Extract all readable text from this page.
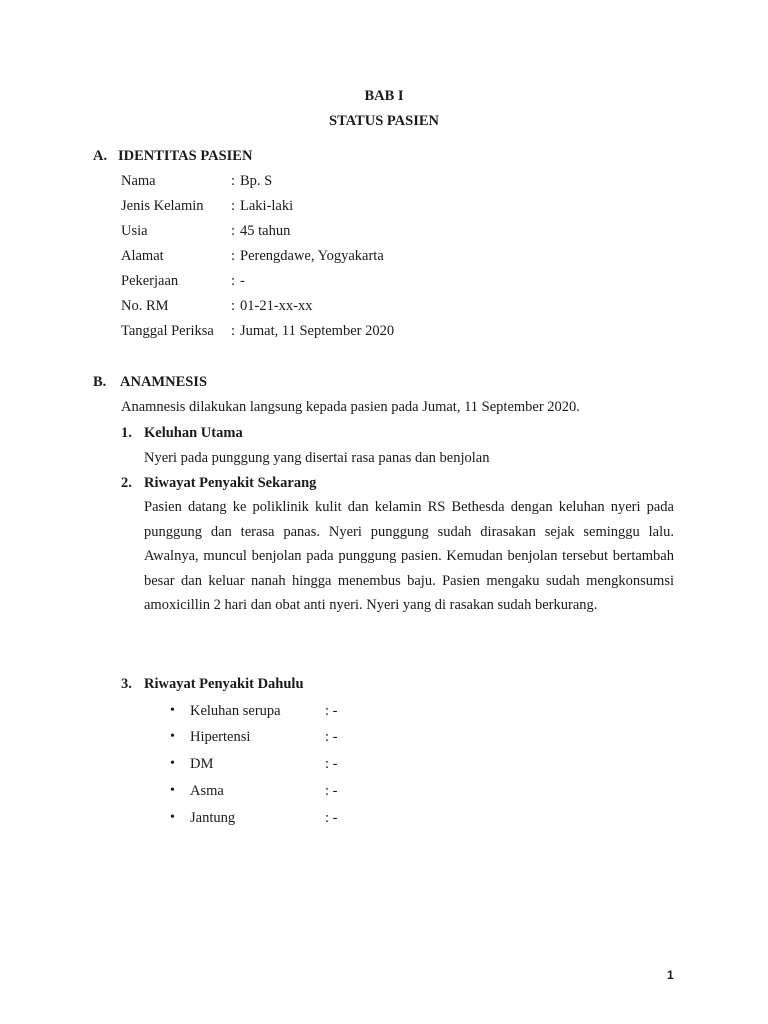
BAB I
STATUS PASIEN
A. IDENTITAS PASIEN
Nama	: Bp. S
Jenis Kelamin : Laki-laki
Usia	: 45 tahun
Alamat	: Perengdawe, Yogyakarta
Pekerjaan	: -
No. RM	: 01-21-xx-xx
Tanggal Periksa : Jumat, 11 September 2020
B. ANAMNESIS
Anamnesis dilakukan langsung kepada pasien pada Jumat, 11 September 2020.
1. Keluhan Utama
Nyeri pada punggung yang disertai rasa panas dan benjolan
2. Riwayat Penyakit Sekarang
Pasien datang ke poliklinik kulit dan kelamin RS Bethesda dengan keluhan nyeri pada punggung dan terasa panas. Nyeri punggung sudah dirasakan sejak seminggu lalu. Awalnya, muncul benjolan pada punggung pasien. Kemudan benjolan tersebut bertambah besar dan keluar nanah hingga menembus baju. Pasien mengaku sudah mengkonsumsi amoxicillin 2 hari dan obat anti nyeri. Nyeri yang di rasakan sudah berkurang.
3. Riwayat Penyakit Dahulu
• Keluhan serupa	: -
• Hipertensi	: -
• DM	: -
• Asma	: -
• Jantung	: -
1
